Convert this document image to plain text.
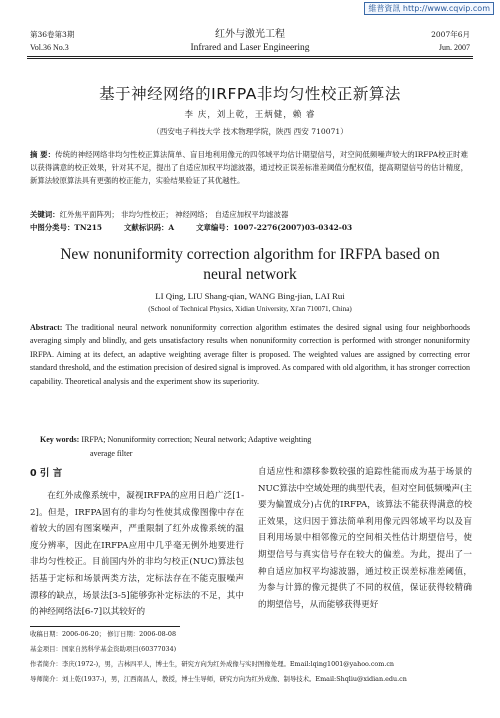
維普資訊 http://www.cqvip.com
第36卷第3期	红外与激光工程	2007年6月
Vol.36 No.3	Infrared and Laser Engineering	Jun. 2007
基于神经网络的IRFPA非均匀性校正新算法
李 庆，刘上乾，王炳健，赖 睿
（西安电子科技大学 技术物理学院，陕西 西安 710071）
摘 要：传统的神经网络非均匀性校正算法简单、盲目地利用像元的四邻域平均估计期望信号，对空间低频噪声较大的IRFPA校正时难以获得满意的校正效果，针对其不足，提出了自适应加权平均滤波器，通过校正误差标准差阈值分配权值，提高期望信号的估计精度，新算法较原算法具有更强的校正能力，实验结果验证了其优越性。
关键词：红外焦平面阵列； 非均匀性校正； 神经网络； 自适应加权平均滤波器
中图分类号：TN215	文献标识码：A	文章编号：1007-2276(2007)03-0342-03
New nonuniformity correction algorithm for IRFPA based on
neural network
LI Qing, LIU Shang-qian, WANG Bing-jian, LAI Rui
(School of Technical Physics, Xidian University, Xi'an 710071, China)
Abstract: The traditional neural network nonuniformity correction algorithm estimates the desired signal using four neighborhoods averaging simply and blindly, and gets unsatisfactory results when nonuniformity correction is performed with stronger nonuniformity IRFPA. Aiming at its defect, an adaptive weighting average filter is proposed. The weighted values are assigned by correcting error standard threshold, and the estimation precision of desired signal is improved. As compared with old algorithm, it has stronger correction capability. Theoretical analysis and the experiment show its superiority.
Key words: IRFPA; Nonuniformity correction; Neural network; Adaptive weighting
average filter
0 引 言
在红外成像系统中，凝视IRFPA的应用日趋广泛[1-2]。但是，IRFPA固有的非均匀性使其成像图像中存在着较大的固有图案噪声，严重限制了红外成像系统的温度分辨率，因此在IRFPA应用中几乎毫无例外地要进行非均匀性校正。目前国内外的非均匀校正(NUC)算法包括基于定标和场景两类方法，定标法存在不能克服噪声漂移的缺点，场景法[3-5]能够弥补定标法的不足，其中的神经网络法[6-7]以其较好的
自适应性和漂移参数较强的追踪性能而成为基于场景的NUC算法中空域处理的典型代表，但对空间低频噪声(主要为偏置成分)占优的IRFPA，该算法不能获得满意的校正效果，这归因于算法简单利用像元四邻域平均以及盲目利用场景中相邻像元的空间相关性估计期望信号，使期望信号与真实信号存在较大的偏差。为此，提出了一种自适应加权平均滤波器，通过校正误差标准差阈值，为参与计算的像元提供了不同的权值，保证获得较精确的期望信号，从而能够获得更好
收稿日期：2006-06-20； 修订日期：2006-08-08
基金项目：国家自然科学基金资助项目(60377034)
作者简介：李庆(1972-)，男，吉林四平人，博士生，研究方向为红外成像与实时图像处理。Email:lqing1001@yahoo.com.cn
导师简介：刘上乾(1937-)，男，江西南昌人，教授，博士生导师，研究方向为红外成像、制导技术。Email:Shqliu@xidian.edu.cn
